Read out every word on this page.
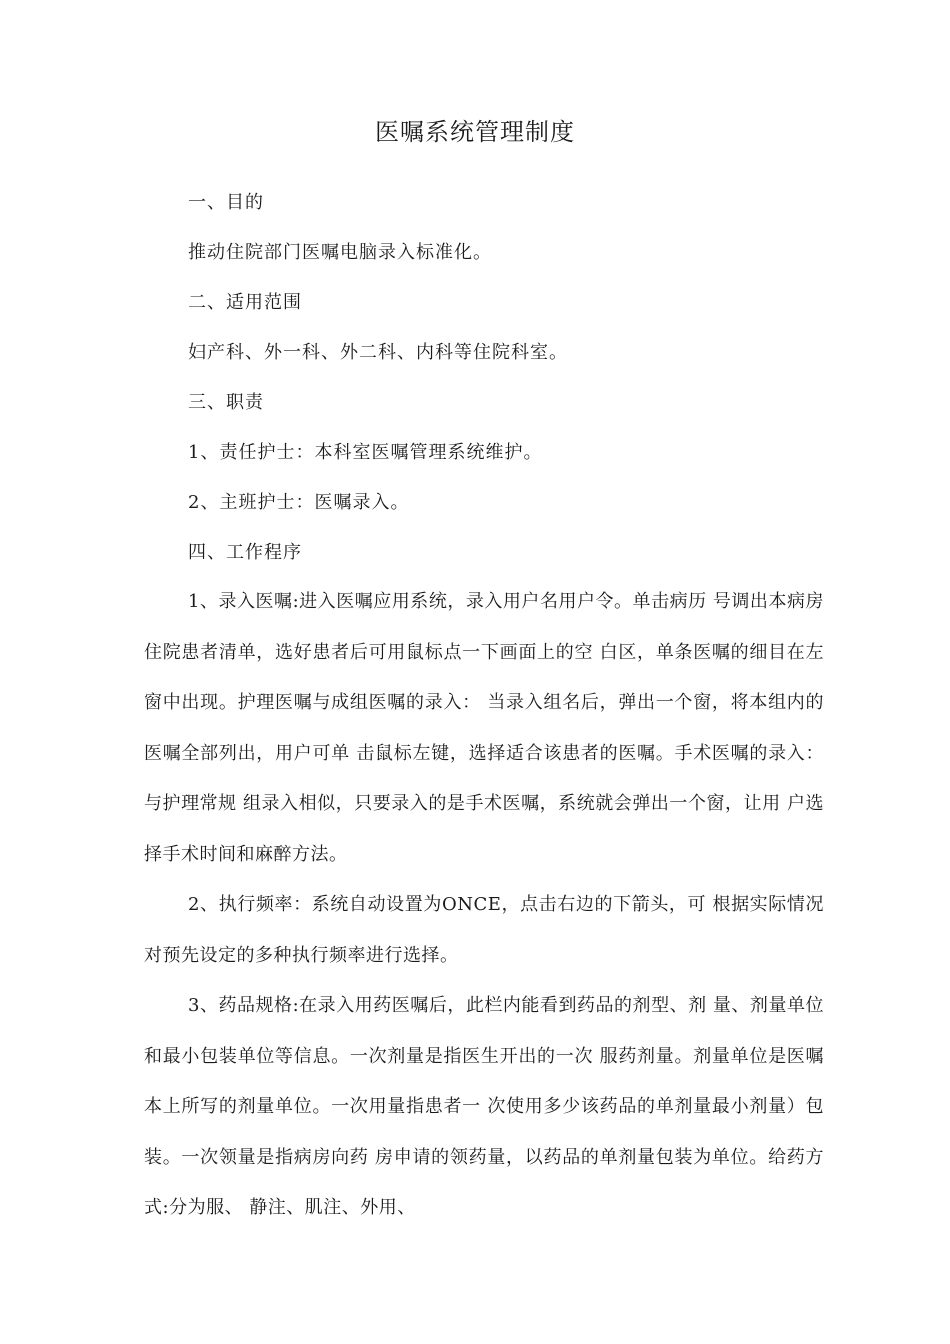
医嘱系统管理制度
一、目的
推动住院部门医嘱电脑录入标准化。
二、适用范围
妇产科、外一科、外二科、内科等住院科室。
三、职责
1、责任护士：本科室医嘱管理系统维护。
2、主班护士：医嘱录入。
四、工作程序
1、录入医嘱:进入医嘱应用系统，录入用户名用户令。单击病历 号调出本病房住院患者清单，选好患者后可用鼠标点一下画面上的空 白区，单条医嘱的细目在左窗中出现。护理医嘱与成组医嘱的录入： 当录入组名后，弹出一个窗，将本组内的医嘱全部列出，用户可单 击鼠标左键，选择适合该患者的医嘱。手术医嘱的录入：与护理常规 组录入相似，只要录入的是手术医嘱，系统就会弹出一个窗，让用 户选择手术时间和麻醉方法。
2、执行频率：系统自动设置为ONCE，点击右边的下箭头，可 根据实际情况对预先设定的多种执行频率进行选择。
3、药品规格:在录入用药医嘱后，此栏内能看到药品的剂型、剂 量、剂量单位和最小包装单位等信息。一次剂量是指医生开出的一次 服药剂量。剂量单位是医嘱本上所写的剂量单位。一次用量指患者一 次使用多少该药品的单剂量最小剂量）包装。一次领量是指病房向药 房申请的领药量，以药品的单剂量包装为单位。给药方式:分为服、 静注、肌注、外用、
